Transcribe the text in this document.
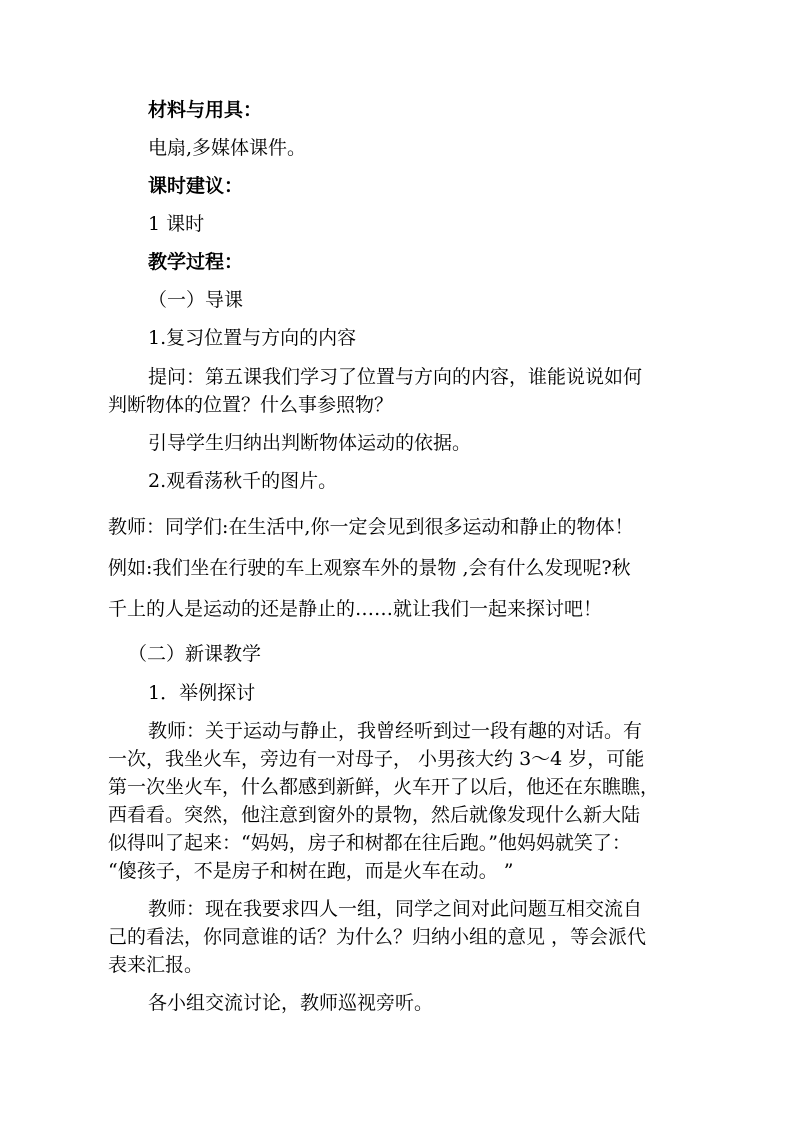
材料与用具：

电扇,多媒体课件。

课时建议：

1 课时

教学过程：

（一）导课

1.复习位置与方向的内容

提问：第五课我们学习了位置与方向的内容，谁能说说如何

判断物体的位置？什么事参照物？

引导学生归纳出判断物体运动的依据。

2.观看荡秋千的图片。

教师：同学们:在生活中,你一定会见到很多运动和静止的物体！

例如:我们坐在行驶的车上观察车外的景物 ,会有什么发现呢?秋

千上的人是运动的还是静止的……就让我们一起来探讨吧！

（二）新课教学

1．举例探讨

教师：关于运动与静止，我曾经听到过一段有趣的对话。有

一次，我坐火车，旁边有一对母子， 小男孩大约 3～4 岁，可能

第一次坐火车，什么都感到新鲜，火车开了以后，他还在东瞧瞧，

西看看。突然，他注意到窗外的景物，然后就像发现什么新大陆

似得叫了起来：“妈妈，房子和树都在往后跑。”他妈妈就笑了：

“傻孩子，不是房子和树在跑，而是火车在动。 ”

教师：现在我要求四人一组，同学之间对此问题互相交流自

己的看法，你同意谁的话？为什么？归纳小组的意见 ，等会派代

表来汇报。

各小组交流讨论，教师巡视旁听。
